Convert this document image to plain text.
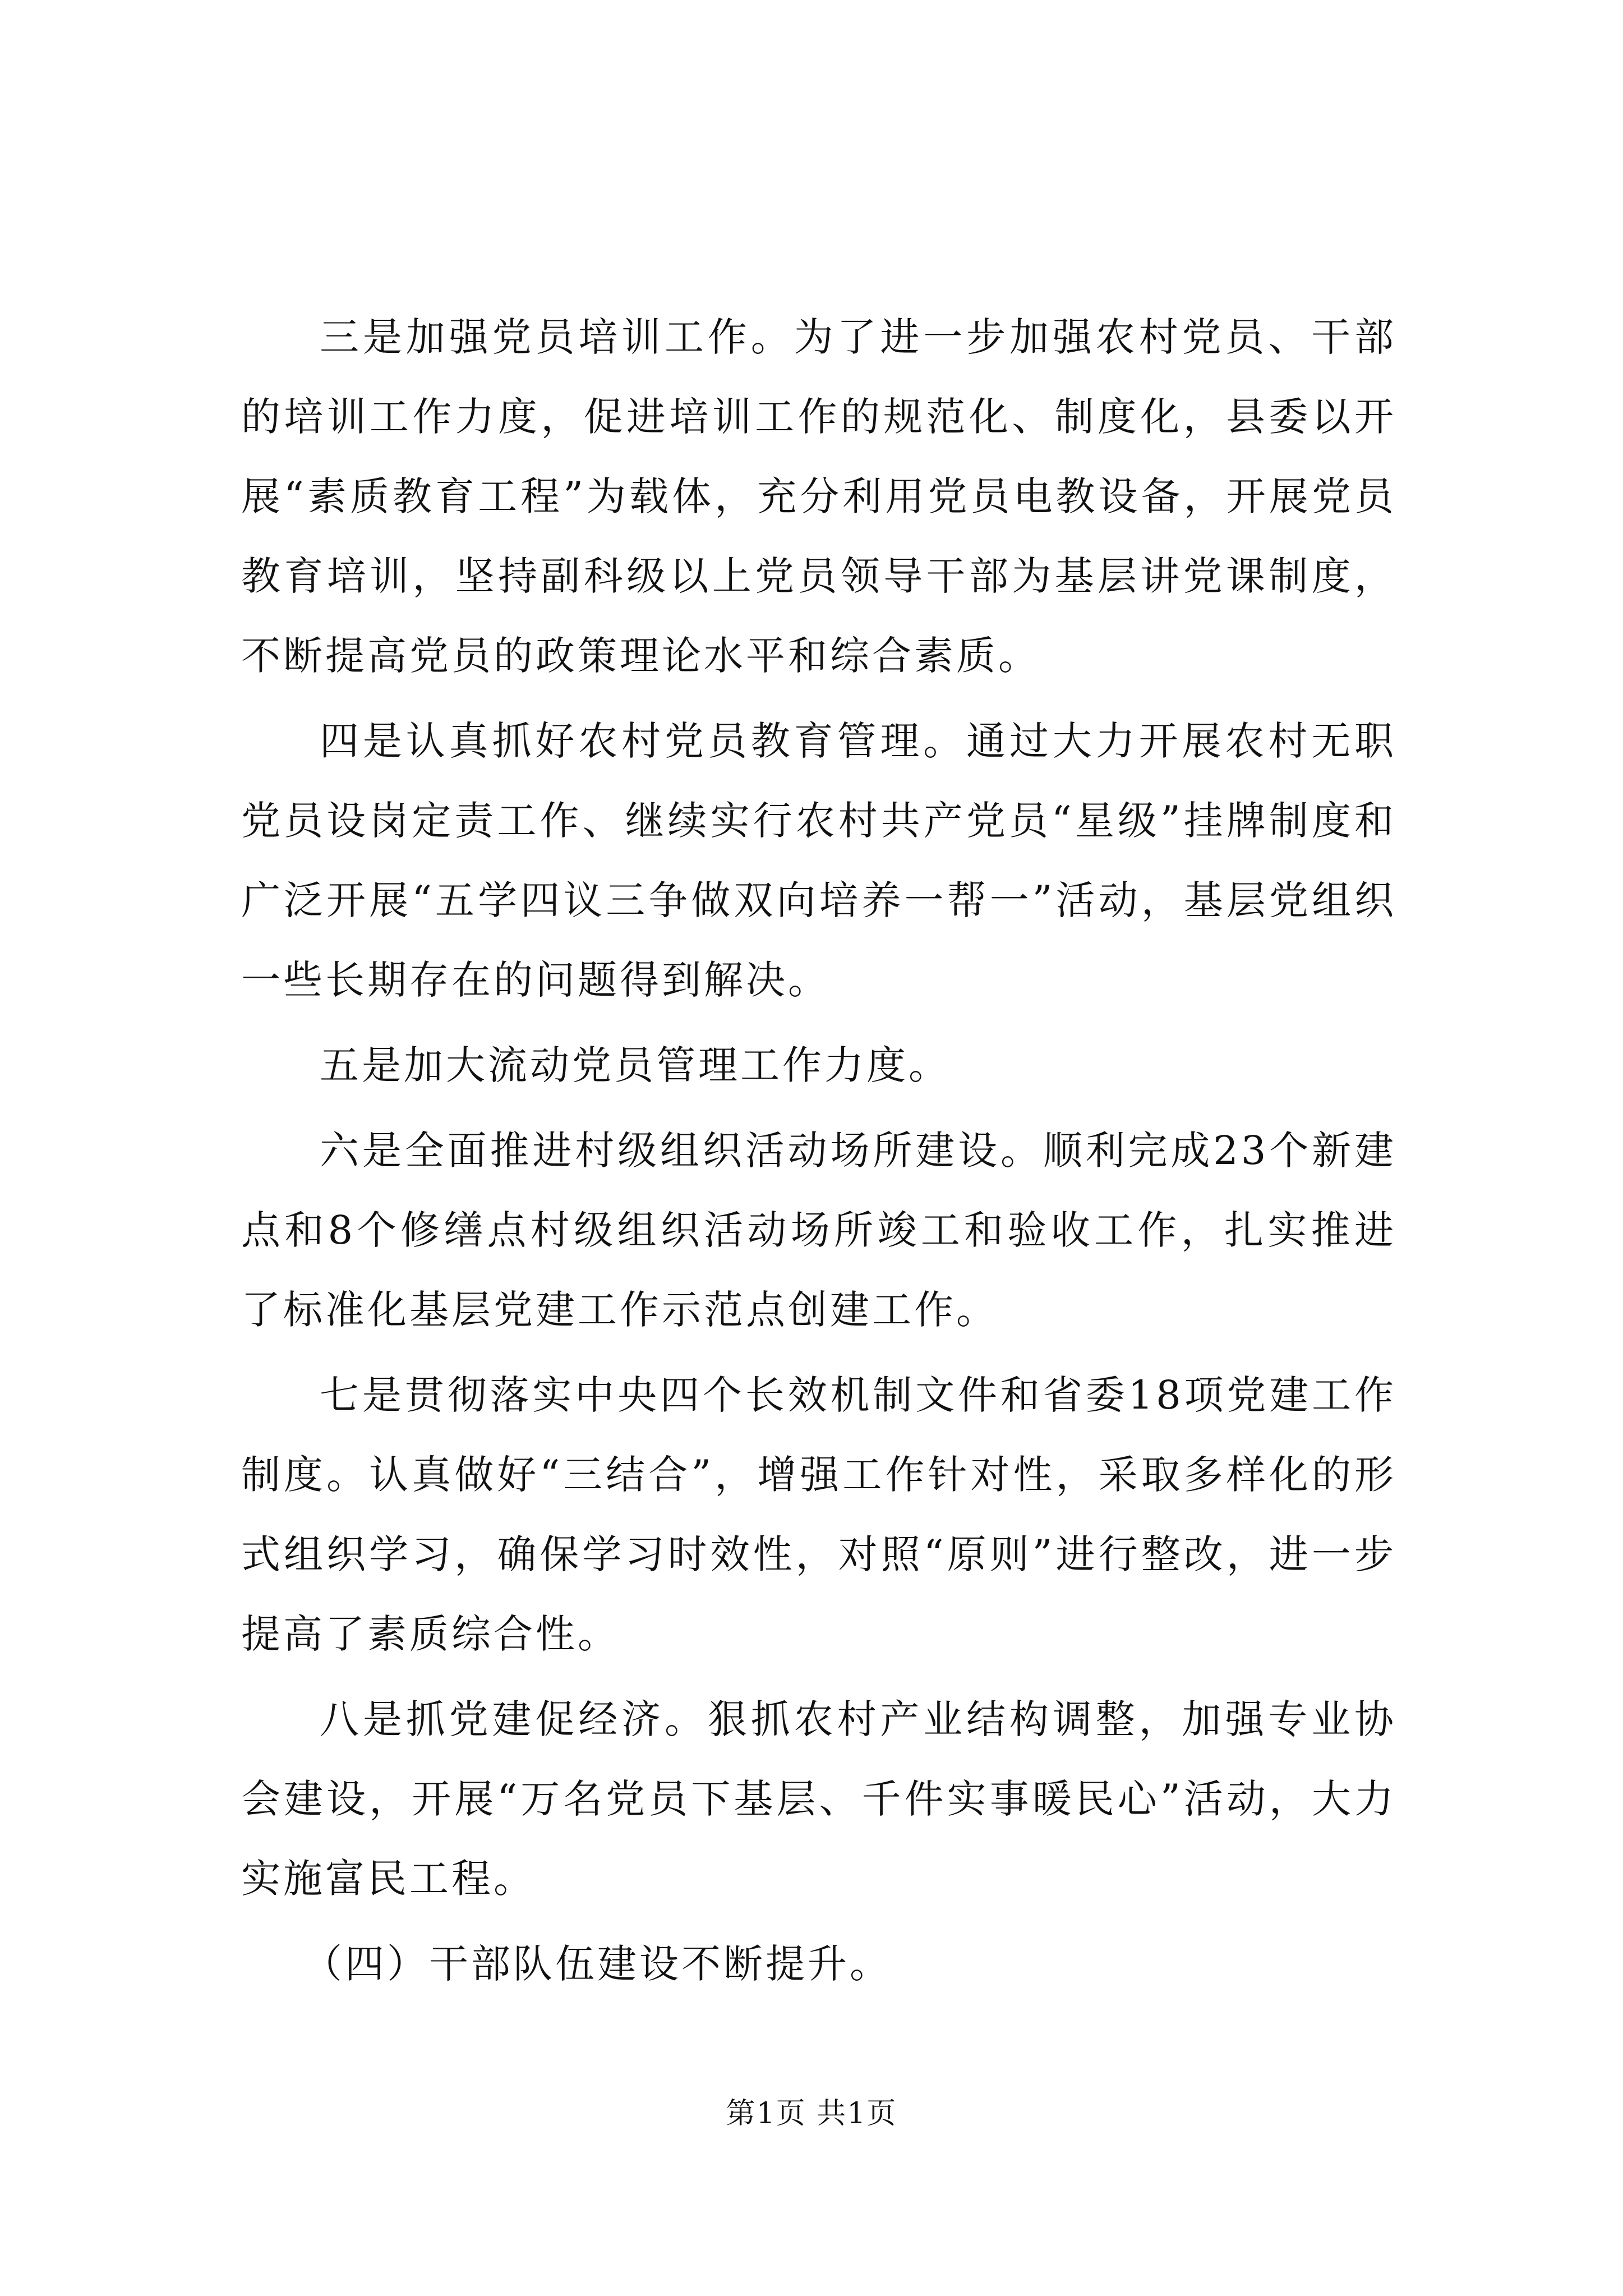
三是加强党员培训工作。为了进一步加强农村党员、干部的培训工作力度，促进培训工作的规范化、制度化，县委以开展“素质教育工程”为载体，充分利用党员电教设备，开展党员教育培训，坚持副科级以上党员领导干部为基层讲党课制度，不断提高党员的政策理论水平和综合素质。

四是认真抓好农村党员教育管理。通过大力开展农村无职党员设岗定责工作、继续实行农村共产党员“星级”挂牌制度和广泛开展“五学四议三争做双向培养一帮一”活动，基层党组织一些长期存在的问题得到解决。

五是加大流动党员管理工作力度。

六是全面推进村级组织活动场所建设。顺利完成23个新建点和8个修缮点村级组织活动场所竣工和验收工作，扎实推进了标准化基层党建工作示范点创建工作。

七是贯彻落实中央四个长效机制文件和省委18项党建工作制度。认真做好“三结合”，增强工作针对性，采取多样化的形式组织学习，确保学习时效性，对照“原则”进行整改，进一步提高了素质综合性。

八是抓党建促经济。狠抓农村产业结构调整，加强专业协会建设，开展“万名党员下基层、千件实事暖民心”活动，大力实施富民工程。

（四）干部队伍建设不断提升。

第1页 共1页
